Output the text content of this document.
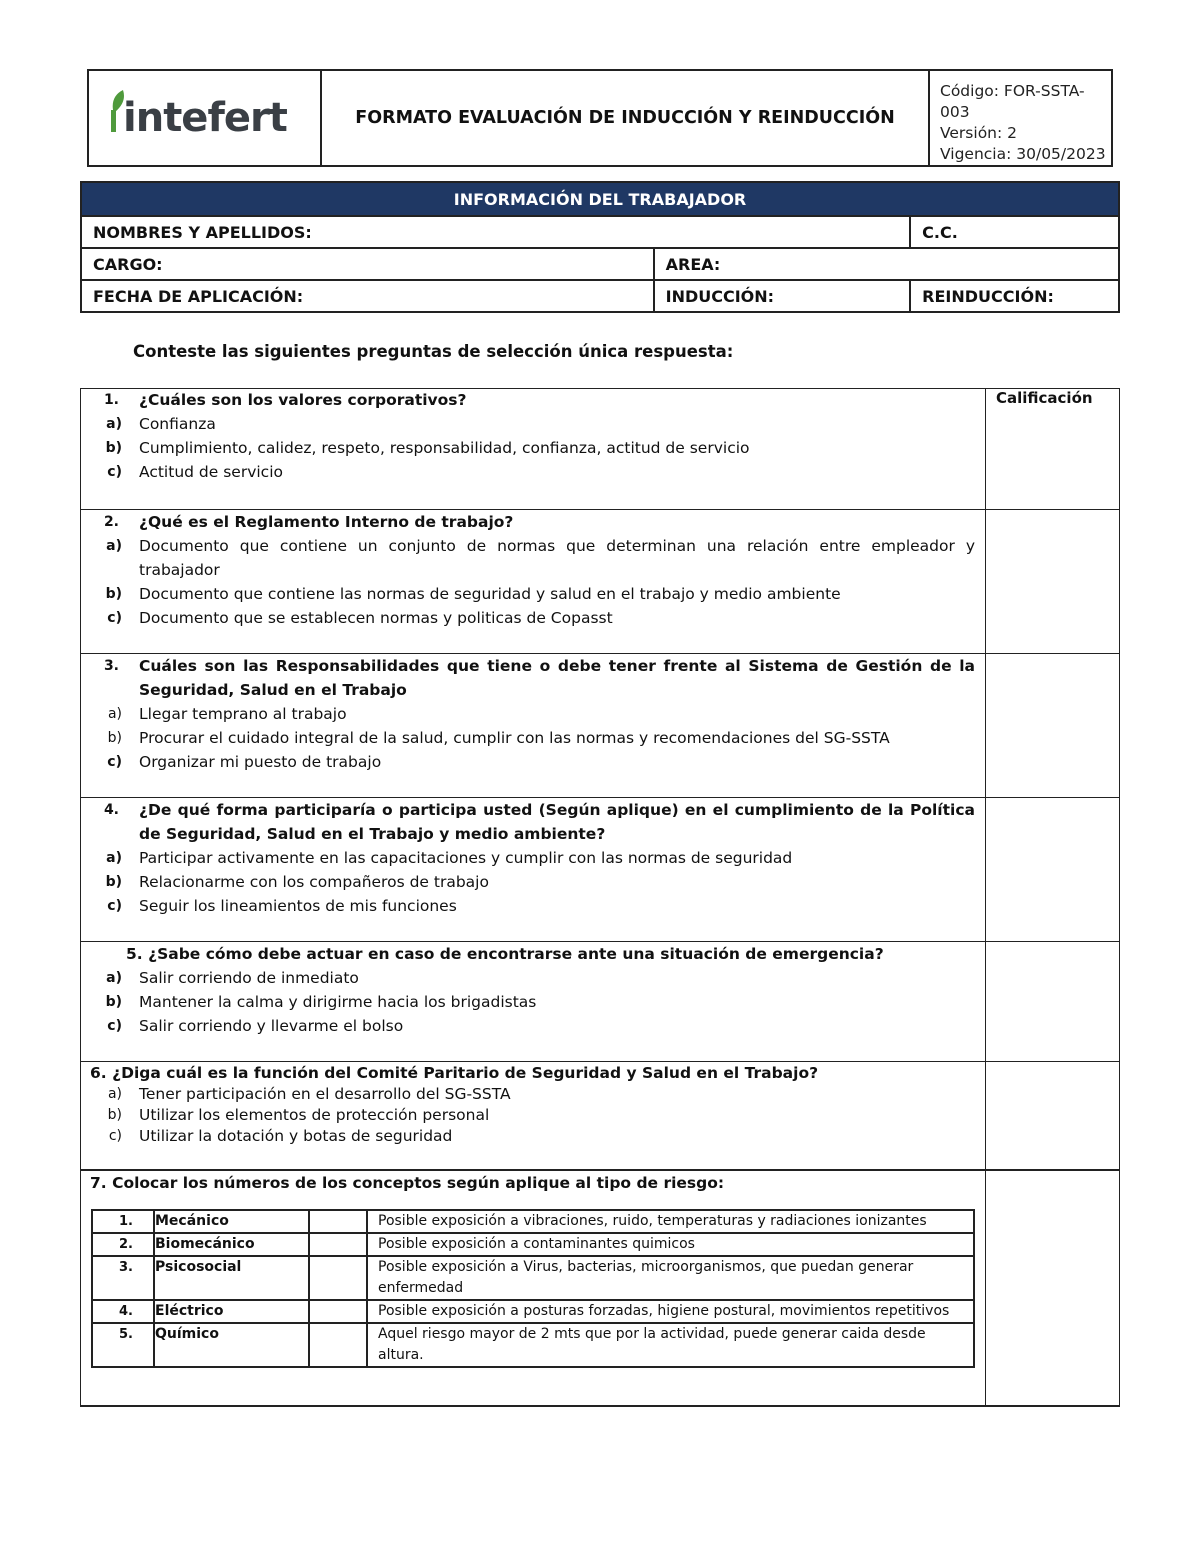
intefert	FORMATO EVALUACIÓN DE INDUCCIÓN Y REINDUCCIÓN	
Código: FOR-SSTA-003
Versión: 2
Vigencia: 30/05/2023
INFORMACIÓN DEL TRABAJADOR		
NOMBRES Y APELLIDOS:		C.C.
CARGO:	AREA:	
FECHA DE APLICACIÓN:	INDUCCIÓN:	REINDUCCIÓN:
Conteste las siguientes preguntas de selección única respuesta:
1.	¿Cuáles son los valores corporativos?
a)	Confianza
b)	Cumplimiento, calidez, respeto, responsabilidad, confianza, actitud de servicio
c)	Actitud de servicio
	Calificación

2.	¿Qué es el Reglamento Interno de trabajo?
a)	Documento que contiene un conjunto de normas que determinan una relación entre empleador y trabajador
b)	Documento que contiene las normas de seguridad y salud en el trabajo y medio ambiente
c)	Documento que se establecen normas y politicas de Copasst

3.	Cuáles son las Responsabilidades que tiene o debe tener frente al Sistema de Gestión de la Seguridad, Salud en el Trabajo
a)	Llegar temprano al trabajo
b)	Procurar el cuidado integral de la salud, cumplir con las normas y recomendaciones del SG-SSTA
c)	Organizar mi puesto de trabajo

4.	¿De qué forma participaría o participa usted (Según aplique) en el cumplimiento de la Política de Seguridad, Salud en el Trabajo y medio ambiente?
a)	Participar activamente en las capacitaciones y cumplir con las normas de seguridad
b)	Relacionarme con los compañeros de trabajo
c)	Seguir los lineamientos de mis funciones

5. ¿Sabe cómo debe actuar en caso de encontrarse ante una situación de emergencia?
a)	Salir corriendo de inmediato
b)	Mantener la calma y dirigirme hacia los brigadistas
c)	Salir corriendo y llevarme el bolso

6. ¿Diga cuál es la función del Comité Paritario de Seguridad y Salud en el Trabajo?
a)	Tener participación en el desarrollo del SG-SSTA
b)	Utilizar los elementos de protección personal
c)	Utilizar la dotación y botas de seguridad

7. Colocar los números de los conceptos según aplique al tipo de riesgo:
1.	Mecánico		Posible exposición a vibraciones, ruido, temperaturas y radiaciones ionizantes
2.	Biomecánico		Posible exposición a contaminantes quimicos
3.	Psicosocial		Posible exposición a Virus, bacterias, microorganismos, que puedan generar enfermedad
4.	Eléctrico		Posible exposición a posturas forzadas, higiene postural, movimientos repetitivos
5.	Químico		Aquel riesgo mayor de 2 mts que por la actividad, puede generar caida desde altura.
